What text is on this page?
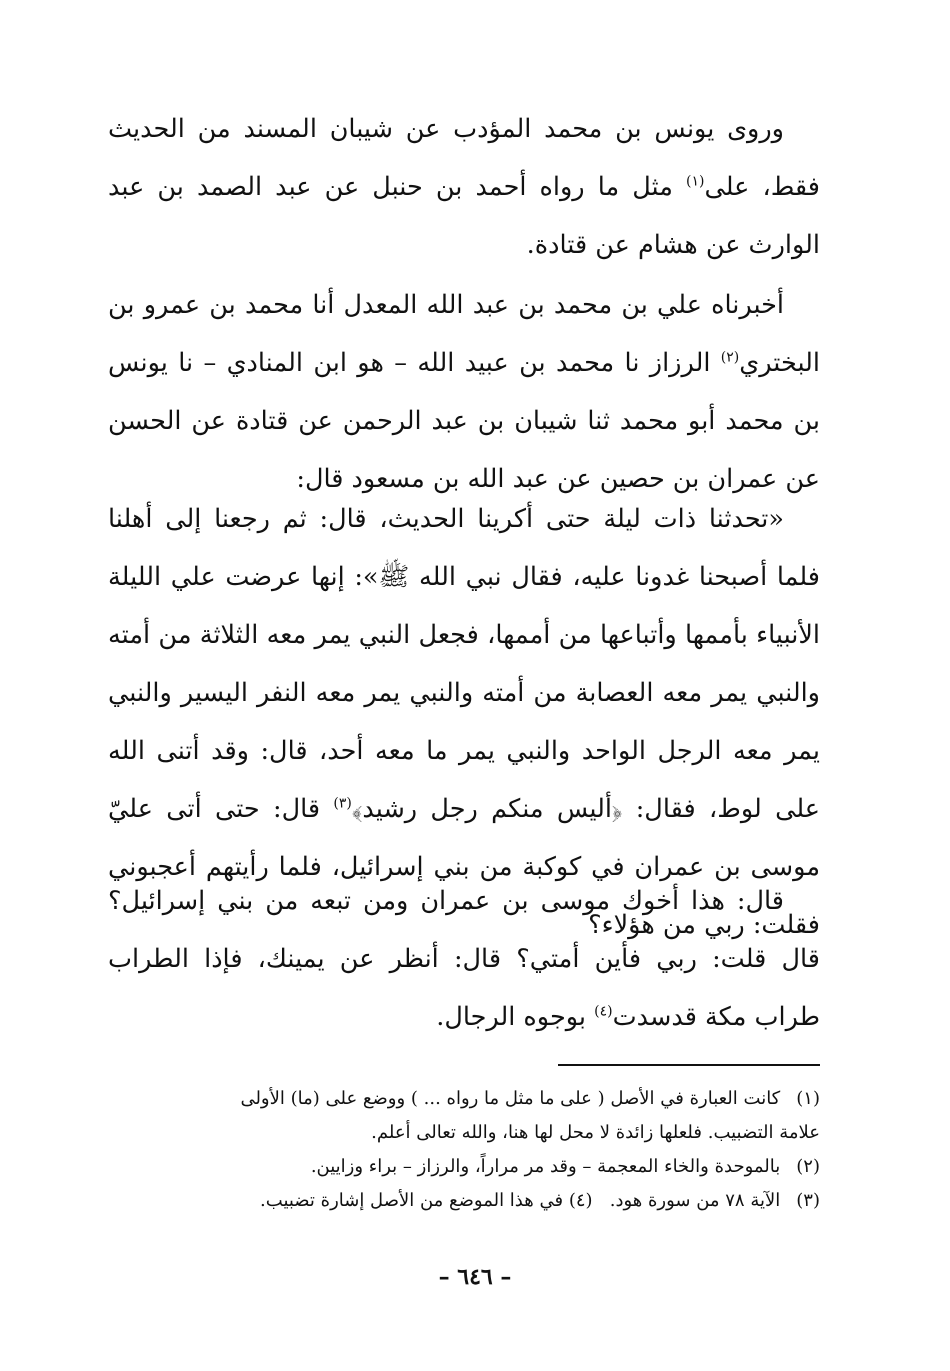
وروى يونس بن محمد المؤدب عن شيبان المسند من الحديث فقط، على$^{(١)}$ مثل ما رواه أحمد بن حنبل عن عبد الصمد بن عبد الوارث عن هشام عن قتادة.

أخبرناه علي بن محمد بن عبد الله المعدل أنا محمد بن عمرو بن البختري$^{(٢)}$ الرزاز نا محمد بن عبيد الله – هو ابن المنادي – نا يونس بن محمد أبو محمد ثنا شيبان بن عبد الرحمن عن قتادة عن الحسن عن عمران بن حصين عن عبد الله بن مسعود قال:

«تحدثنا ذات ليلة حتى أكرينا الحديث، قال: ثم رجعنا إلى أهلنا فلما أصبحنا غدونا عليه، فقال نبي الله ﷺ»: إنها عرضت علي الليلة الأنبياء بأممها وأتباعها من أممها، فجعل النبي يمر معه الثلاثة من أمته والنبي يمر معه العصابة من أمته والنبي يمر معه النفر اليسير والنبي يمر معه الرجل الواحد والنبي يمر ما معه أحد، قال: وقد أتنى الله على لوط، فقال: ﴿أليس منكم رجل رشيد﴾$^{(٣)}$ قال: حتى أتى عليّ موسى بن عمران في كوكبة من بني إسرائيل، فلما رأيتهم أعجبوني فقلت: ربي من هؤلاء؟

قال: هذا أخوك موسى بن عمران ومن تبعه من بني إسرائيل؟ قال قلت: ربي فأين أمتي؟ قال: أنظر عن يمينك، فإذا الطراب طراب مكة قدسدت$^{(٤)}$ بوجوه الرجال.

(١) كانت العبارة في الأصل ( على ما مثل ما رواه ... ) ووضع على (ما) الأولى

علامة التضبيب. فلعلها زائدة لا محل لها هنا، والله تعالى أعلم.

(٢) بالموحدة والخاء المعجمة – وقد مر مراراً، والرزاز – براء وزايين.

(٣) الآية ٧٨ من سورة هود.   (٤) في هذا الموضع من الأصل إشارة تضبيب.

– ٦٤٦ –
